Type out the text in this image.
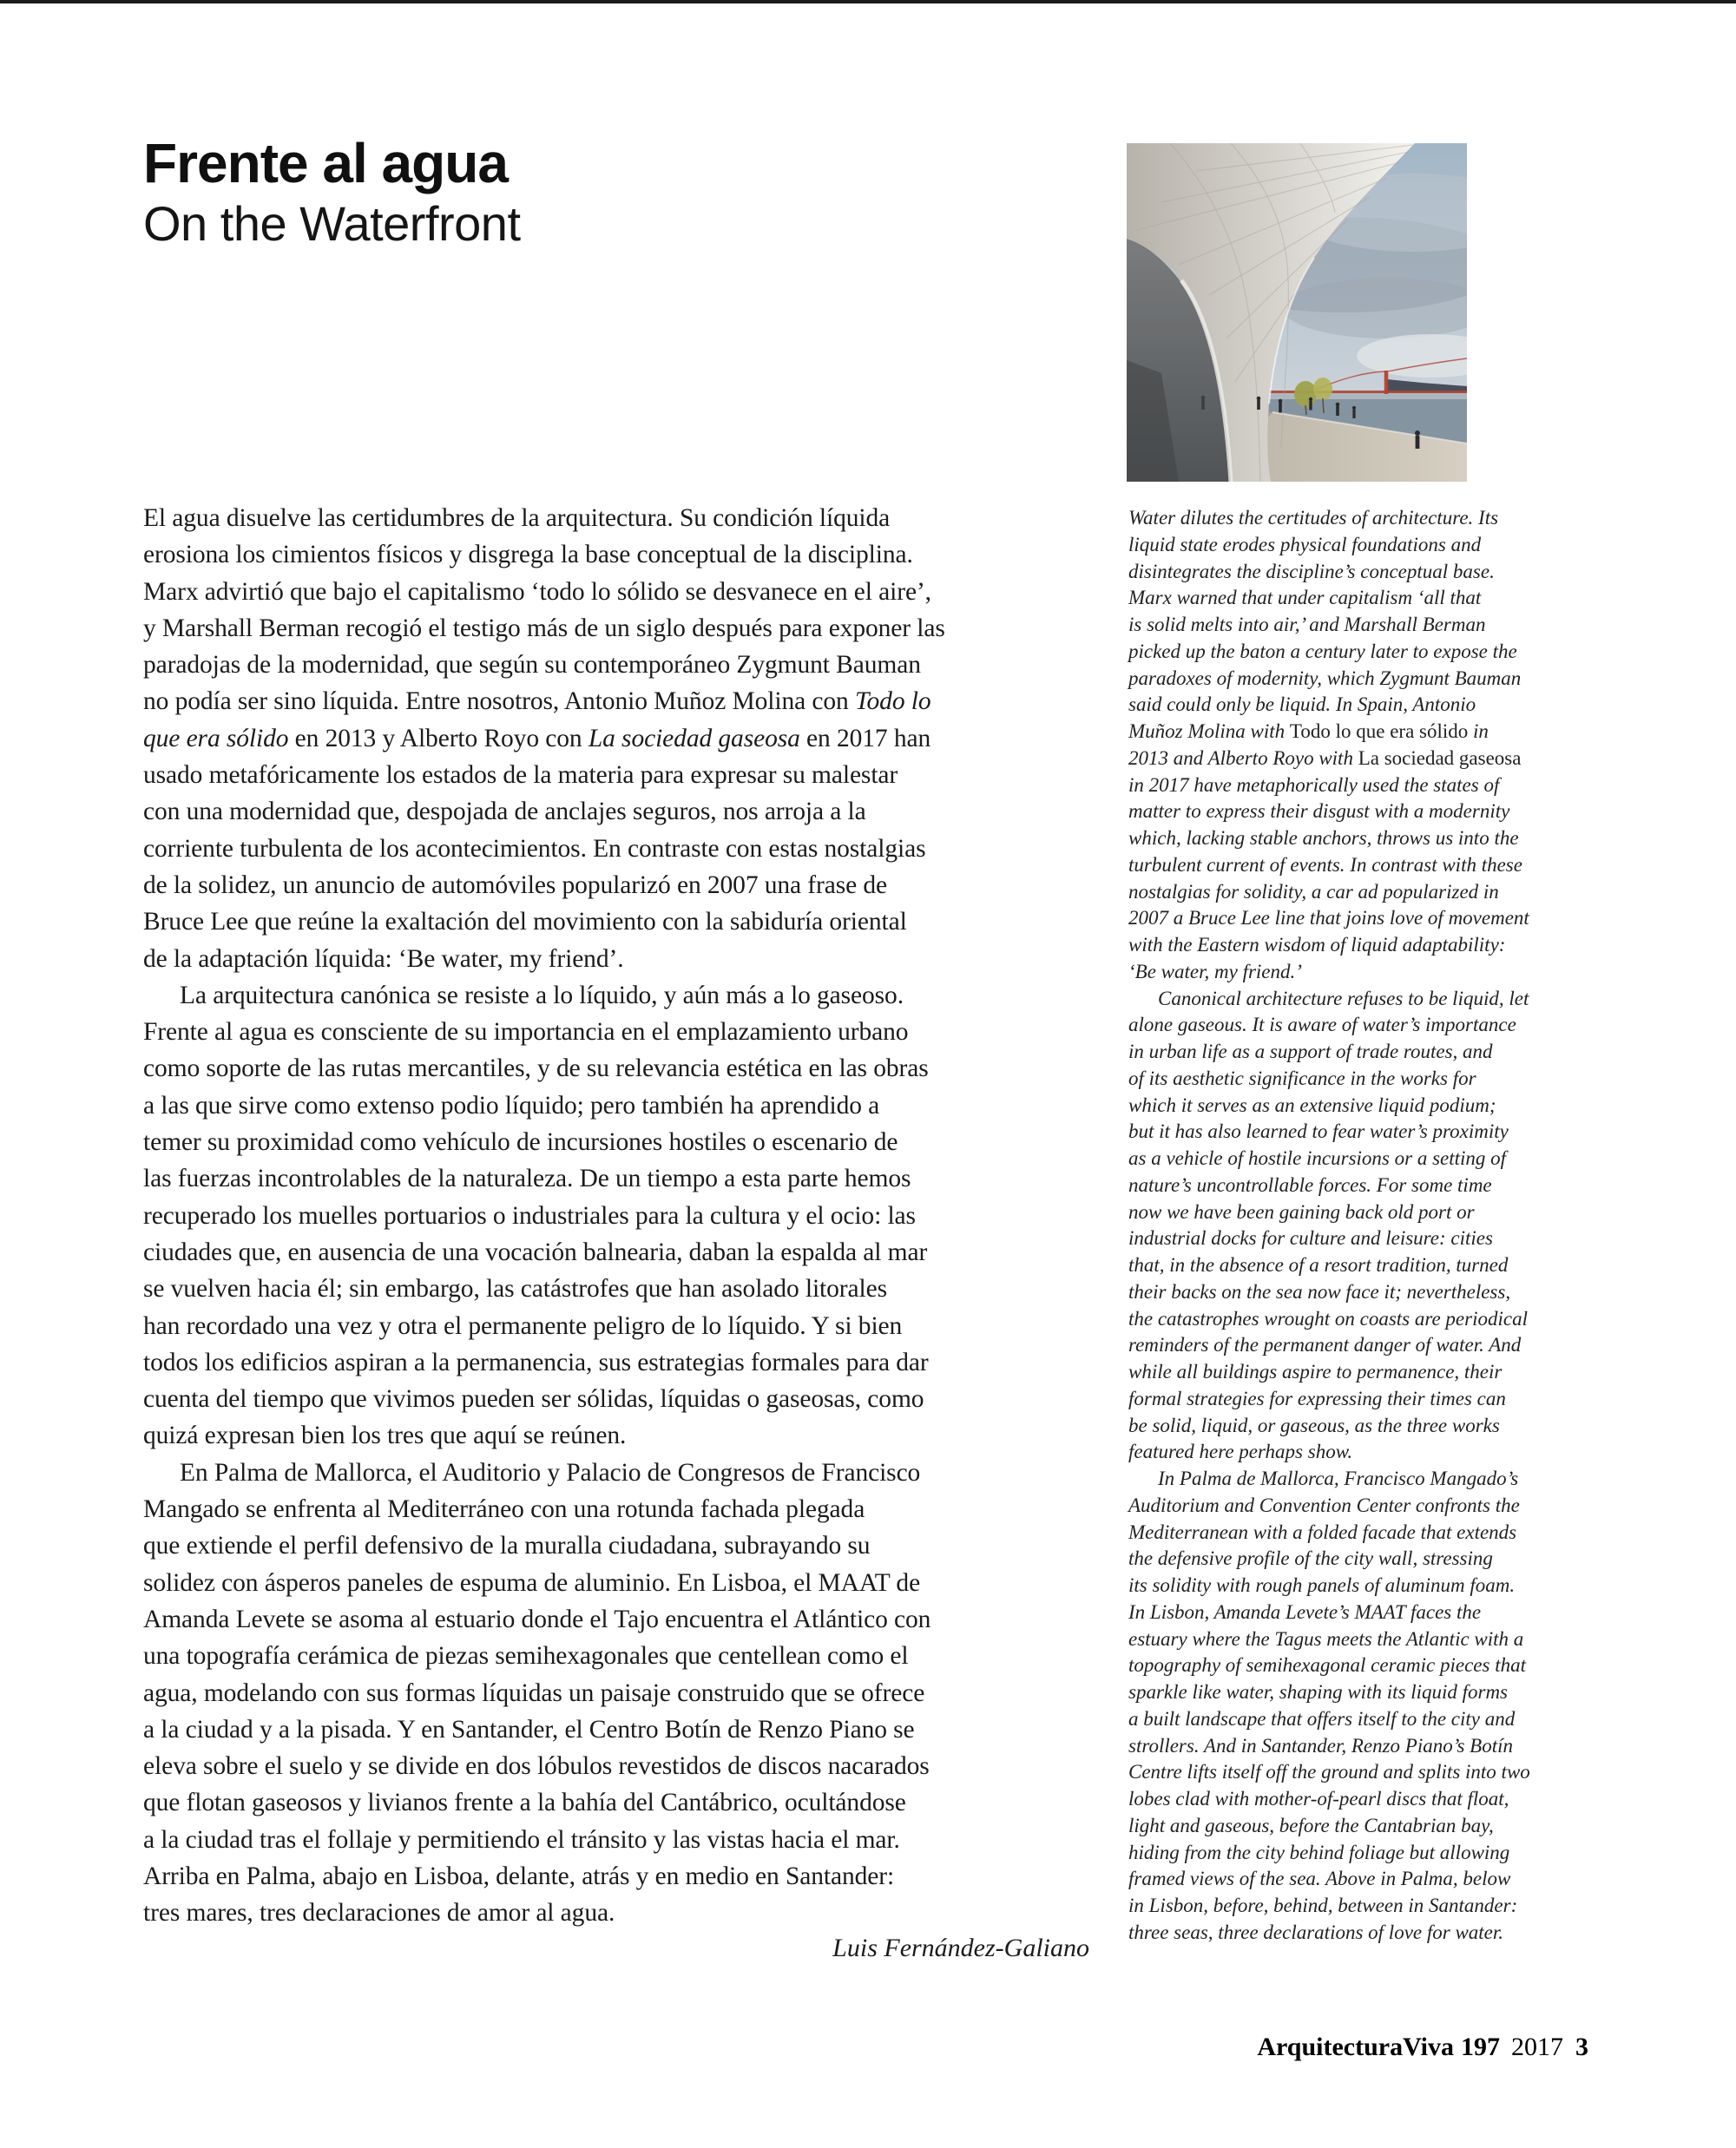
Frente al agua
On the Waterfront
El agua disuelve las certidumbres de la arquitectura. Su condición líquida
erosiona los cimientos físicos y disgrega la base conceptual de la disciplina.
Marx advirtió que bajo el capitalismo ‘todo lo sólido se desvanece en el aire’,
y Marshall Berman recogió el testigo más de un siglo después para exponer las
paradojas de la modernidad, que según su contemporáneo Zygmunt Bauman
no podía ser sino líquida. Entre nosotros, Antonio Muñoz Molina con Todo lo
que era sólido en 2013 y Alberto Royo con La sociedad gaseosa en 2017 han
usado metafóricamente los estados de la materia para expresar su malestar
con una modernidad que, despojada de anclajes seguros, nos arroja a la
corriente turbulenta de los acontecimientos. En contraste con estas nostalgias
de la solidez, un anuncio de automóviles popularizó en 2007 una frase de
Bruce Lee que reúne la exaltación del movimiento con la sabiduría oriental
de la adaptación líquida: ‘Be water, my friend’.
La arquitectura canónica se resiste a lo líquido, y aún más a lo gaseoso.
Frente al agua es consciente de su importancia en el emplazamiento urbano
como soporte de las rutas mercantiles, y de su relevancia estética en las obras
a las que sirve como extenso podio líquido; pero también ha aprendido a
temer su proximidad como vehículo de incursiones hostiles o escenario de
las fuerzas incontrolables de la naturaleza. De un tiempo a esta parte hemos
recuperado los muelles portuarios o industriales para la cultura y el ocio: las
ciudades que, en ausencia de una vocación balnearia, daban la espalda al mar
se vuelven hacia él; sin embargo, las catástrofes que han asolado litorales
han recordado una vez y otra el permanente peligro de lo líquido. Y si bien
todos los edificios aspiran a la permanencia, sus estrategias formales para dar
cuenta del tiempo que vivimos pueden ser sólidas, líquidas o gaseosas, como
quizá expresan bien los tres que aquí se reúnen.
En Palma de Mallorca, el Auditorio y Palacio de Congresos de Francisco
Mangado se enfrenta al Mediterráneo con una rotunda fachada plegada
que extiende el perfil defensivo de la muralla ciudadana, subrayando su
solidez con ásperos paneles de espuma de aluminio. En Lisboa, el MAAT de
Amanda Levete se asoma al estuario donde el Tajo encuentra el Atlántico con
una topografía cerámica de piezas semihexagonales que centellean como el
agua, modelando con sus formas líquidas un paisaje construido que se ofrece
a la ciudad y a la pisada. Y en Santander, el Centro Botín de Renzo Piano se
eleva sobre el suelo y se divide en dos lóbulos revestidos de discos nacarados
que flotan gaseosos y livianos frente a la bahía del Cantábrico, ocultándose
a la ciudad tras el follaje y permitiendo el tránsito y las vistas hacia el mar.
Arriba en Palma, abajo en Lisboa, delante, atrás y en medio en Santander:
tres mares, tres declaraciones de amor al agua.
Luis Fernández-Galiano
Water dilutes the certitudes of architecture. Its
liquid state erodes physical foundations and
disintegrates the discipline’s conceptual base.
Marx warned that under capitalism ‘all that
is solid melts into air,’ and Marshall Berman
picked up the baton a century later to expose the
paradoxes of modernity, which Zygmunt Bauman
said could only be liquid. In Spain, Antonio
Muñoz Molina with Todo lo que era sólido in
2013 and Alberto Royo with La sociedad gaseosa
in 2017 have metaphorically used the states of
matter to express their disgust with a modernity
which, lacking stable anchors, throws us into the
turbulent current of events. In contrast with these
nostalgias for solidity, a car ad popularized in
2007 a Bruce Lee line that joins love of movement
with the Eastern wisdom of liquid adaptability:
‘Be water, my friend.’
Canonical architecture refuses to be liquid, let
alone gaseous. It is aware of water’s importance
in urban life as a support of trade routes, and
of its aesthetic significance in the works for
which it serves as an extensive liquid podium;
but it has also learned to fear water’s proximity
as a vehicle of hostile incursions or a setting of
nature’s uncontrollable forces. For some time
now we have been gaining back old port or
industrial docks for culture and leisure: cities
that, in the absence of a resort tradition, turned
their backs on the sea now face it; nevertheless,
the catastrophes wrought on coasts are periodical
reminders of the permanent danger of water. And
while all buildings aspire to permanence, their
formal strategies for expressing their times can
be solid, liquid, or gaseous, as the three works
featured here perhaps show.
In Palma de Mallorca, Francisco Mangado’s
Auditorium and Convention Center confronts the
Mediterranean with a folded facade that extends
the defensive profile of the city wall, stressing
its solidity with rough panels of aluminum foam.
In Lisbon, Amanda Levete’s MAAT faces the
estuary where the Tagus meets the Atlantic with a
topography of semihexagonal ceramic pieces that
sparkle like water, shaping with its liquid forms
a built landscape that offers itself to the city and
strollers. And in Santander, Renzo Piano’s Botín
Centre lifts itself off the ground and splits into two
lobes clad with mother-of-pearl discs that float,
light and gaseous, before the Cantabrian bay,
hiding from the city behind foliage but allowing
framed views of the sea. Above in Palma, below
in Lisbon, before, behind, between in Santander:
three seas, three declarations of love for water.
ArquitecturaViva 197 2017 3
